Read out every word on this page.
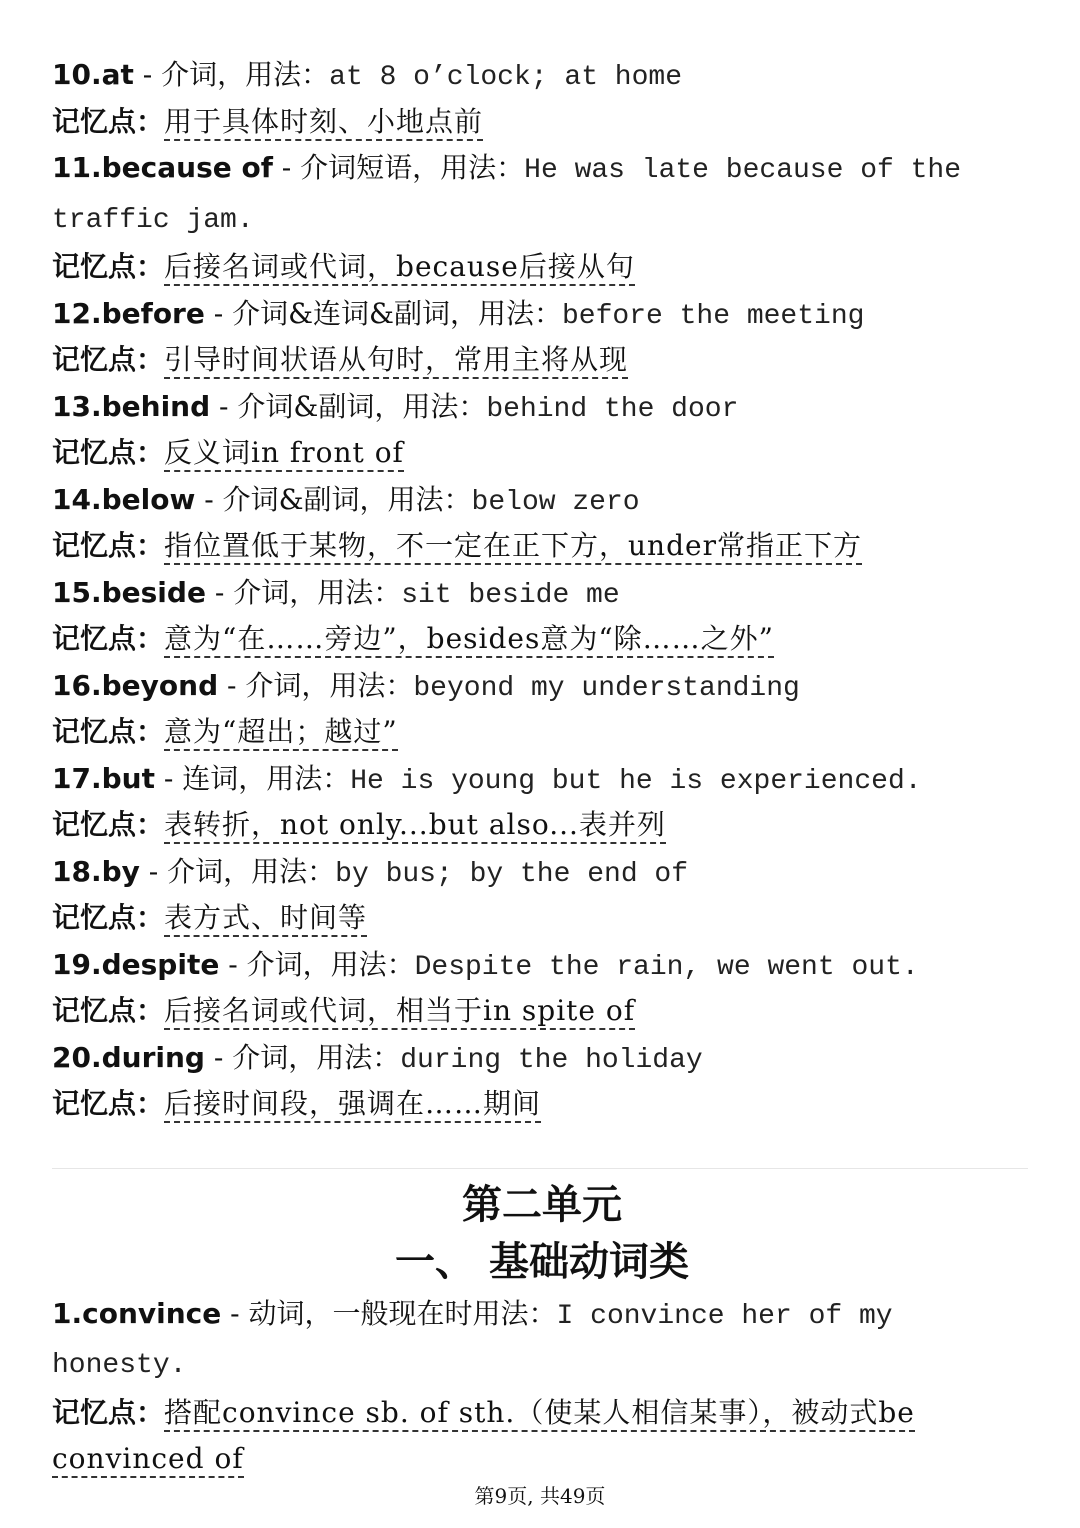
10.at - 介词，用法：at 8 o’clock; at home
记忆点：用于具体时刻、小地点前
11.because of - 介词短语，用法：He was late because of the traffic jam.
记忆点：后接名词或代词，because后接从句
12.before - 介词&连词&副词，用法：before the meeting
记忆点：引导时间状语从句时，常用主将从现
13.behind - 介词&副词，用法：behind the door
记忆点：反义词in front of
14.below - 介词&副词，用法：below zero
记忆点：指位置低于某物，不一定在正下方，under常指正下方
15.beside - 介词，用法：sit beside me
记忆点：意为“在……旁边”，besides意为“除……之外”
16.beyond - 介词，用法：beyond my understanding
记忆点：意为“超出；越过”
17.but - 连词，用法：He is young but he is experienced.
记忆点：表转折，not only...but also...表并列
18.by - 介词，用法：by bus; by the end of
记忆点：表方式、时间等
19.despite - 介词，用法：Despite the rain, we went out.
记忆点：后接名词或代词，相当于in spite of
20.during - 介词，用法：during the holiday
记忆点：后接时间段，强调在……期间
第二单元
一、 基础动词类
1.convince - 动词，一般现在时用法：I convince her of my honesty.
记忆点：搭配convince sb. of sth.（使某人相信某事），被动式be convinced of
第9页, 共49页
